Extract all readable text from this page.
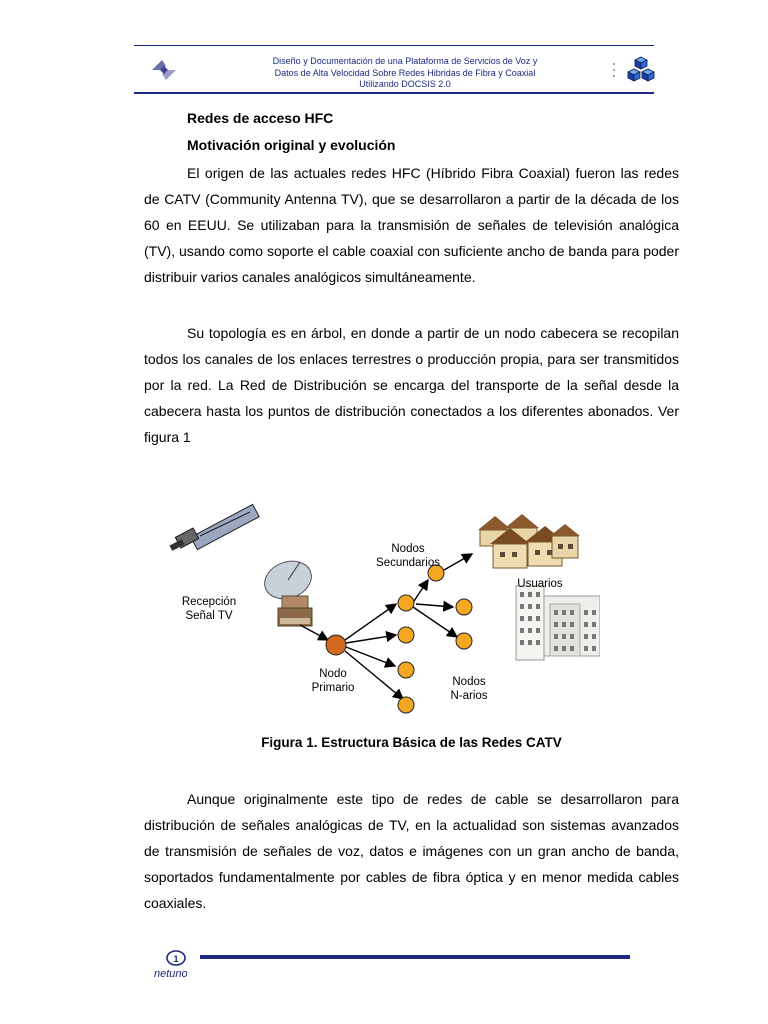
Diseño y Documentación de una Plataforma de Servicios de Voz y
Datos de Alta Velocidad Sobre Redes Hibridas de Fibra y Coaxial
Utilizando DOCSIS 2.0
Redes de acceso HFC
Motivación original y evolución
El origen de las actuales redes HFC (Híbrido Fibra Coaxial) fueron las redes de CATV (Community Antenna TV), que se desarrollaron a partir de la década de los 60 en EEUU. Se utilizaban para la transmisión de señales de televisión analógica (TV), usando como soporte el cable coaxial con suficiente ancho de banda para poder distribuir varios canales analógicos simultáneamente.
Su topología es en árbol, en donde a partir de un nodo cabecera se recopilan todos los canales de los enlaces terrestres o producción propia, para ser transmitidos por la red. La Red de Distribución se encarga del transporte de la señal desde la cabecera hasta los puntos de distribución conectados a los diferentes abonados. Ver figura 1
Recepción
Señal TV
Nodo
Primario
Nodos
Secundarios
Nodos
N-arios
Usuarios
Figura 1. Estructura Básica de las Redes CATV
Aunque originalmente este tipo de redes de cable se desarrollaron para distribución de señales analógicas de TV, en la actualidad son sistemas avanzados de transmisión de señales de voz, datos e imágenes con un gran ancho de banda, soportados fundamentalmente por cables de fibra óptica y en menor medida cables coaxiales.
1
netuno
